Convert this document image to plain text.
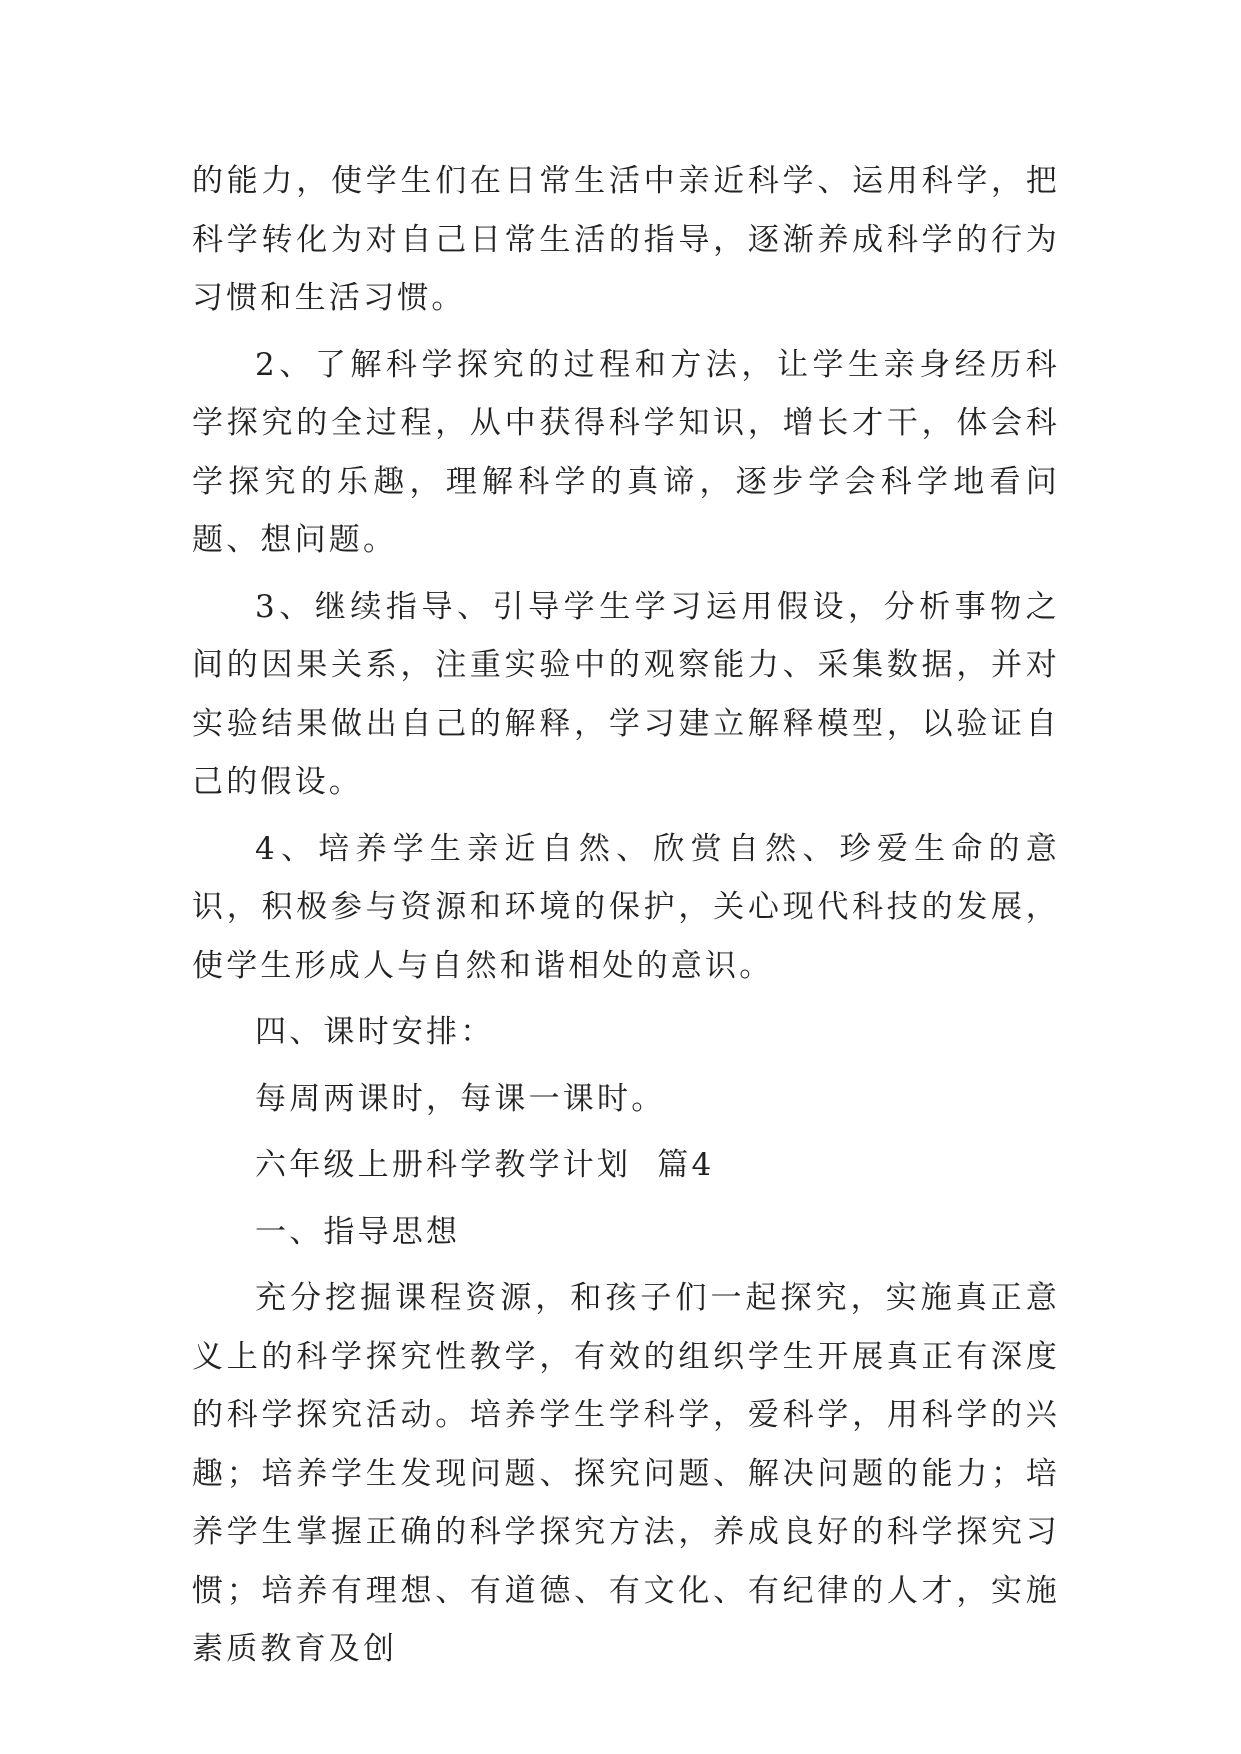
的能力，使学生们在日常生活中亲近科学、运用科学，把科学转化为对自己日常生活的指导，逐渐养成科学的行为习惯和生活习惯。

2、了解科学探究的过程和方法，让学生亲身经历科学探究的全过程，从中获得科学知识，增长才干，体会科学探究的乐趣，理解科学的真谛，逐步学会科学地看问题、想问题。

3、继续指导、引导学生学习运用假设，分析事物之间的因果关系，注重实验中的观察能力、采集数据，并对实验结果做出自己的解释，学习建立解释模型，以验证自己的假设。

4、培养学生亲近自然、欣赏自然、珍爱生命的意识，积极参与资源和环境的保护，关心现代科技的发展，使学生形成人与自然和谐相处的意识。

四、课时安排：

每周两课时，每课一课时。

六年级上册科学教学计划  篇4

一、指导思想

充分挖掘课程资源，和孩子们一起探究，实施真正意义上的科学探究性教学，有效的组织学生开展真正有深度的科学探究活动。培养学生学科学，爱科学，用科学的兴趣；培养学生发现问题、探究问题、解决问题的能力；培养学生掌握正确的科学探究方法，养成良好的科学探究习惯；培养有理想、有道德、有文化、有纪律的人才，实施素质教育及创
